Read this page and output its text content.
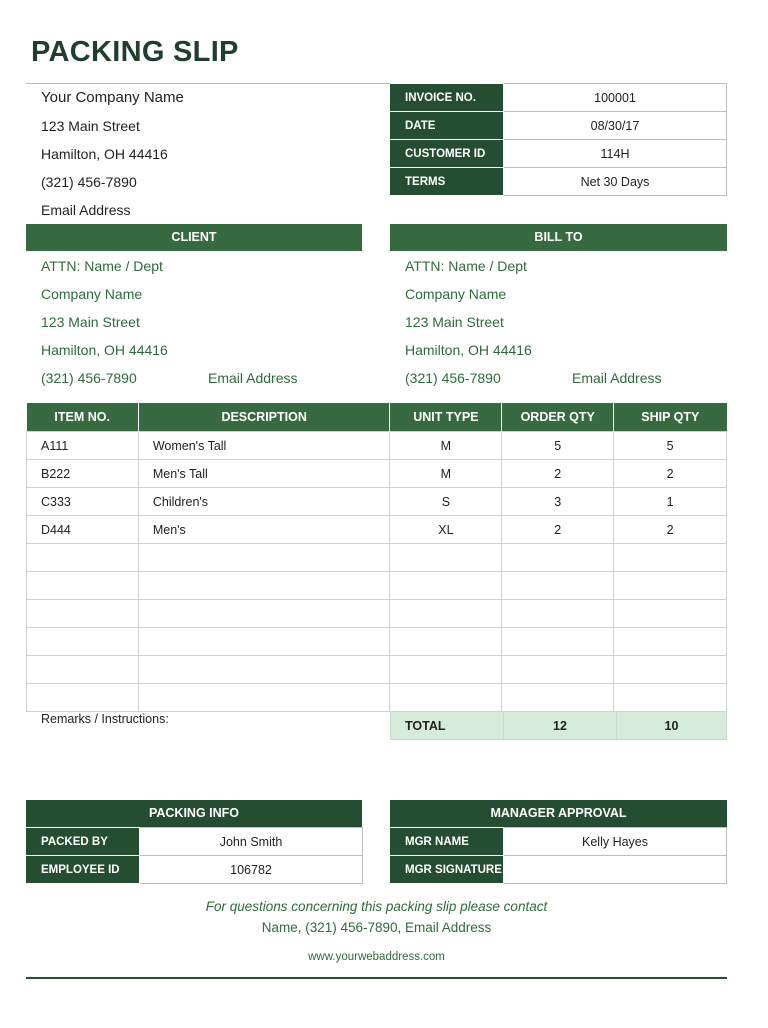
PACKING SLIP
Your Company Name
123 Main Street
Hamilton, OH 44416
(321) 456-7890
Email Address
INVOICE NO.	100001
DATE	08/30/17
CUSTOMER ID	114H
TERMS	Net 30 Days
CLIENT	BILL TO
ATTN: Name / Dept
Company Name
123 Main Street
Hamilton, OH 44416
(321) 456-7890	Email Address
ATTN: Name / Dept
Company Name
123 Main Street
Hamilton, OH 44416
(321) 456-7890	Email Address
ITEM NO.	DESCRIPTION	UNIT TYPE	ORDER QTY	SHIP QTY
A111	Women's Tall	M	5	5
B222	Men's Tall	M	2	2
C333	Children's	S	3	1
D444	Men's	XL	2	2

Remarks / Instructions:	TOTAL	12	10
PACKING INFO	MANAGER APPROVAL
PACKED BY	John Smith
EMPLOYEE ID	106782
MGR NAME	Kelly Hayes
MGR SIGNATURE	
For questions concerning this packing slip please contact
Name, (321) 456-7890, Email Address
www.yourwebaddress.com
